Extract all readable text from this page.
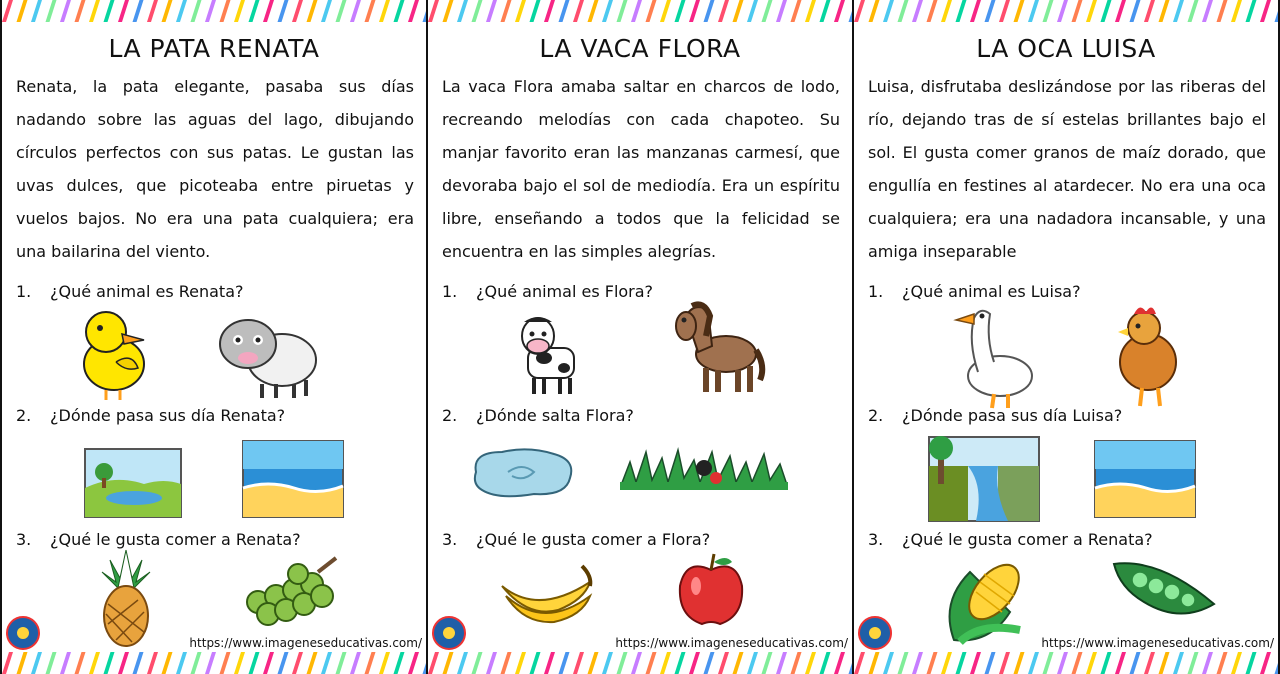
LA PATA RENATA

Renata, la pata elegante, pasaba sus días nadando sobre las aguas del lago, dibujando círculos perfectos con sus patas. Le gustan las uvas dulces, que picoteaba entre piruetas y vuelos bajos. No era una pata cualquiera; era una bailarina del viento.

1. ¿Qué animal es Renata?
2. ¿Dónde pasa sus día Renata?
3. ¿Qué le gusta comer a Renata?
https://www.imageneseducativas.com/
LA VACA FLORA

La vaca Flora amaba saltar en charcos de lodo, recreando melodías con cada chapoteo. Su manjar favorito eran las manzanas carmesí, que devoraba bajo el sol de mediodía. Era un espíritu libre, enseñando a todos que la felicidad se encuentra en las simples alegrías.

1. ¿Qué animal es Flora?
2. ¿Dónde salta Flora?
3. ¿Qué le gusta comer a Flora?
https://www.imageneseducativas.com/
LA OCA LUISA

Luisa, disfrutaba deslizándose por las riberas del río, dejando tras de sí estelas brillantes bajo el sol. El gusta comer granos de maíz dorado, que engullía en festines al atardecer. No era una oca cualquiera; era una nadadora incansable, y una amiga inseparable

1. ¿Qué animal es Luisa?
2. ¿Dónde pasa sus día Luisa?
3. ¿Qué le gusta comer a Renata?
https://www.imageneseducativas.com/
